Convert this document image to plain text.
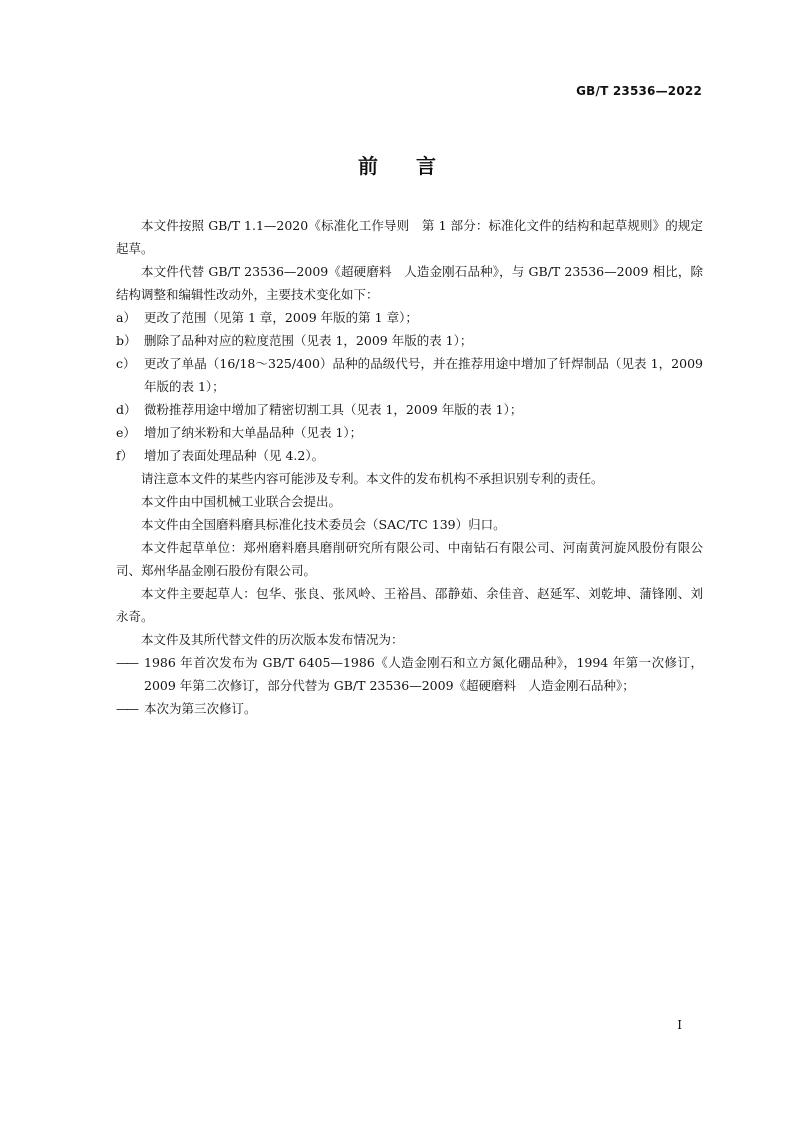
GB/T 23536—2022
前言

本文件按照 GB/T 1.1—2020《标准化工作导则　第 1 部分：标准化文件的结构和起草规则》的规定起草。

本文件代替 GB/T 23536—2009《超硬磨料　人造金刚石品种》，与 GB/T 23536—2009 相比，除结构调整和编辑性改动外，主要技术变化如下：

a） 更改了范围（见第 1 章，2009 年版的第 1 章）；
b） 删除了品种对应的粒度范围（见表 1，2009 年版的表 1）；
c） 更改了单晶（16/18～325/400）品种的品级代号，并在推荐用途中增加了钎焊制品（见表 1，2009 年版的表 1）；
d） 微粉推荐用途中增加了精密切割工具（见表 1，2009 年版的表 1）；
e） 增加了纳米粉和大单晶品种（见表 1）；
f） 增加了表面处理品种（见 4.2）。

请注意本文件的某些内容可能涉及专利。本文件的发布机构不承担识别专利的责任。

本文件由中国机械工业联合会提出。

本文件由全国磨料磨具标准化技术委员会（SAC/TC 139）归口。

本文件起草单位：郑州磨料磨具磨削研究所有限公司、中南钻石有限公司、河南黄河旋风股份有限公司、郑州华晶金刚石股份有限公司。

本文件主要起草人：包华、张良、张风岭、王裕昌、邵静茹、余佳音、赵延军、刘乾坤、蒲锋刚、刘永奇。

本文件及其所代替文件的历次版本发布情况为：

—— 1986 年首次发布为 GB/T 6405—1986《人造金刚石和立方氮化硼品种》，1994 年第一次修订，2009 年第二次修订，部分代替为 GB/T 23536—2009《超硬磨料　人造金刚石品种》；
—— 本次为第三次修订。
I
